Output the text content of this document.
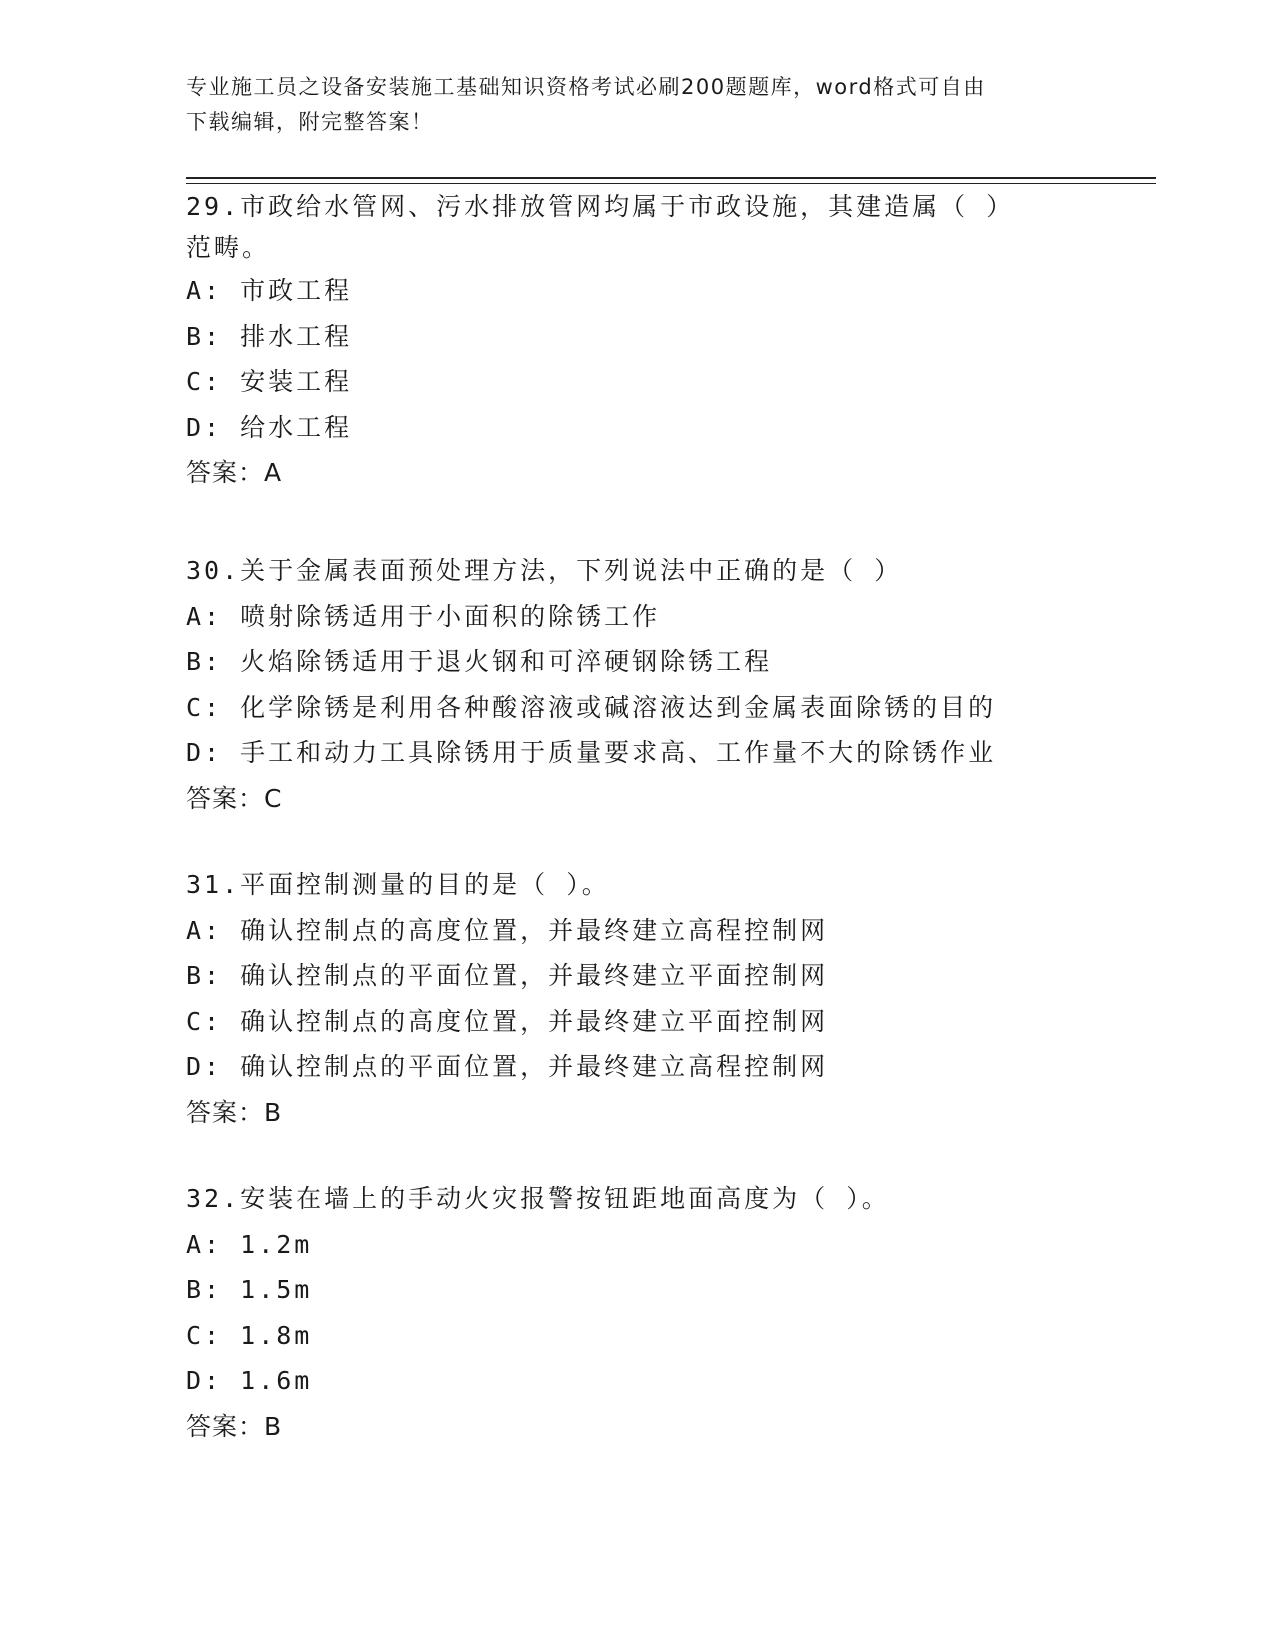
专业施工员之设备安装施工基础知识资格考试必刷200题题库，word格式可自由
下载编辑，附完整答案！
29.市政给水管网、污水排放管网均属于市政设施，其建造属（ ）范畴。
A: 市政工程
B: 排水工程
C: 安装工程
D: 给水工程
答案：A
30.关于金属表面预处理方法，下列说法中正确的是（ ）
A: 喷射除锈适用于小面积的除锈工作
B: 火焰除锈适用于退火钢和可淬硬钢除锈工程
C: 化学除锈是利用各种酸溶液或碱溶液达到金属表面除锈的目的
D: 手工和动力工具除锈用于质量要求高、工作量不大的除锈作业
答案：C
31.平面控制测量的目的是（ ）。
A: 确认控制点的高度位置，并最终建立高程控制网
B: 确认控制点的平面位置，并最终建立平面控制网
C: 确认控制点的高度位置，并最终建立平面控制网
D: 确认控制点的平面位置，并最终建立高程控制网
答案：B
32.安装在墙上的手动火灾报警按钮距地面高度为（ ）。
A: 1.2m
B: 1.5m
C: 1.8m
D: 1.6m
答案：B
